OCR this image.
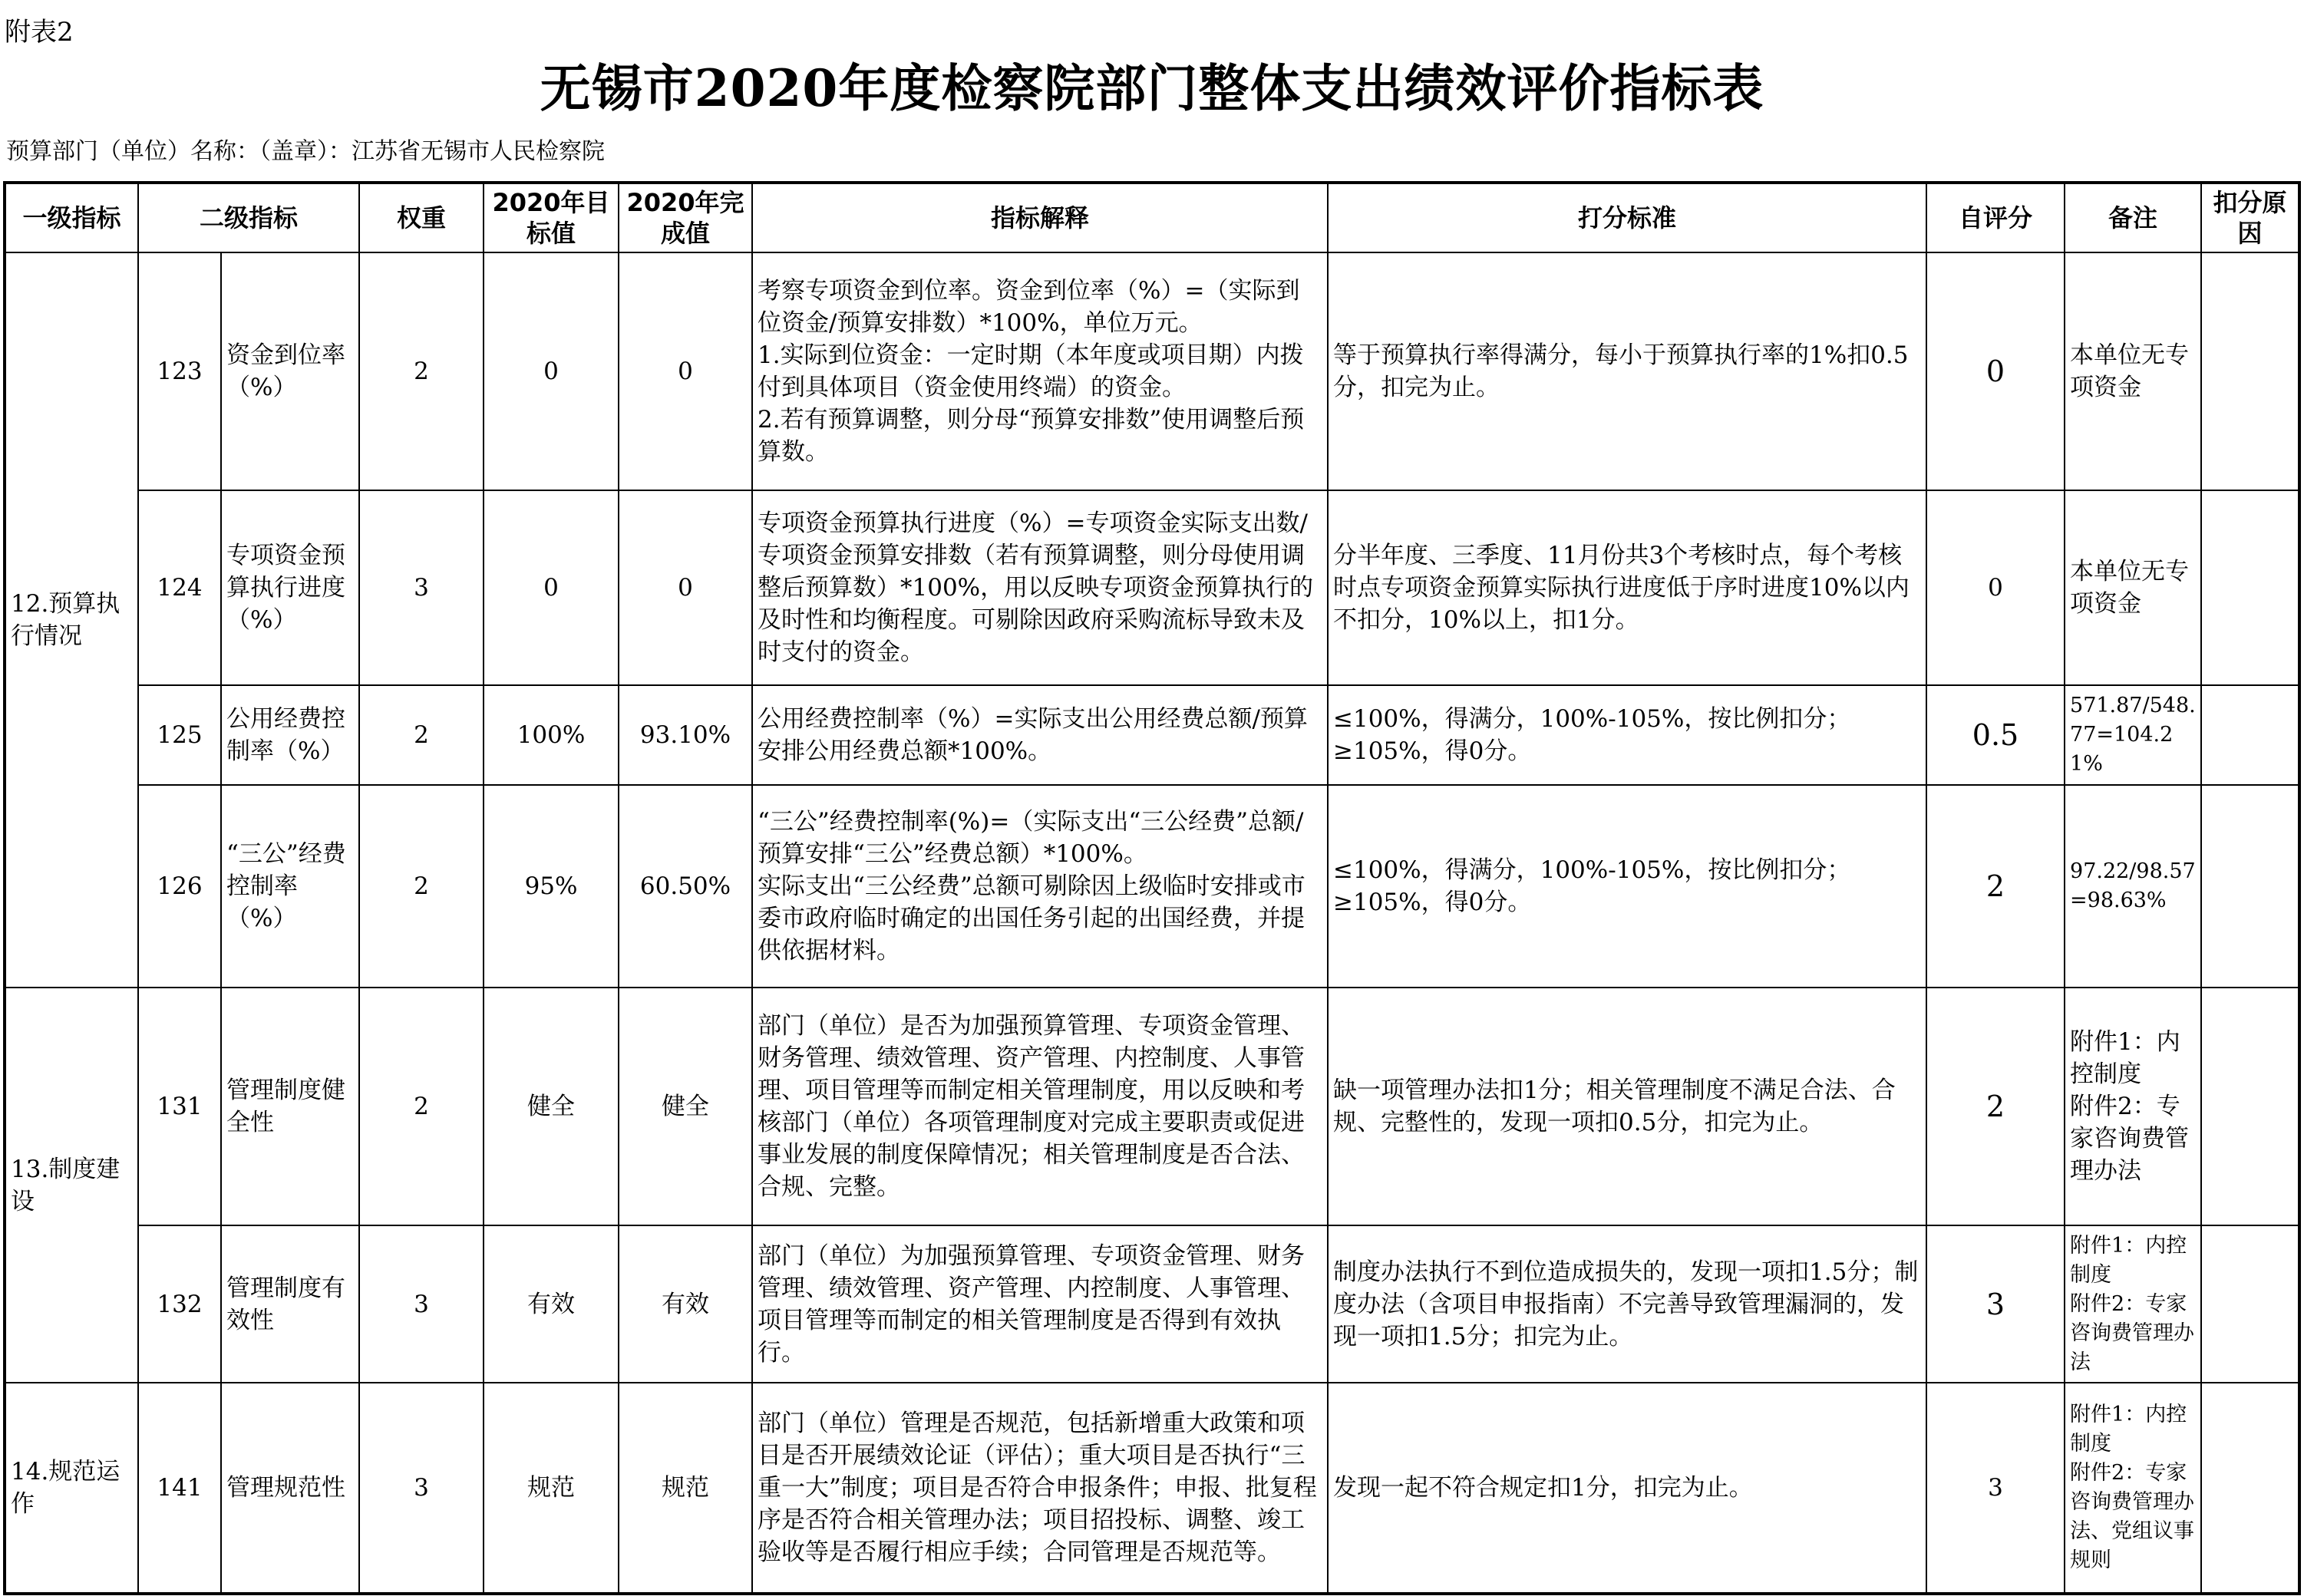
附表2
无锡市2020年度检察院部门整体支出绩效评价指标表
预算部门（单位）名称：（盖章）：江苏省无锡市人民检察院
一级指标	二级指标		权重	2020年目标值	2020年完成值	指标解释	打分标准	自评分	备注	扣分原因
12.预算执行情况	123	资金到位率（%）	2	0	0	考察专项资金到位率。资金到位率（%）=（实际到位资金/预算安排数）*100%，单位万元。
1.实际到位资金：一定时期（本年度或项目期）内拨付到具体项目（资金使用终端）的资金。
2.若有预算调整，则分母“预算安排数”使用调整后预算数。	等于预算执行率得满分，每小于预算执行率的1%扣0.5分，扣完为止。	0	本单位无专项资金	
	124	专项资金预算执行进度（%）	3	0	0	专项资金预算执行进度（%）=专项资金实际支出数/专项资金预算安排数（若有预算调整，则分母使用调整后预算数）*100%，用以反映专项资金预算执行的及时性和均衡程度。可剔除因政府采购流标导致未及时支付的资金。	分半年度、三季度、11月份共3个考核时点，每个考核时点专项资金预算实际执行进度低于序时进度10%以内不扣分，10%以上，扣1分。	0	本单位无专项资金	
	125	公用经费控制率（%）	2	100%	93.10%	公用经费控制率（%）=实际支出公用经费总额/预算安排公用经费总额*100%。	≤100%，得满分，100%-105%，按比例扣分；≥105%，得0分。	0.5	571.87/548.77=104.21%	
	126	“三公”经费控制率（%）	2	95%	60.50%	“三公”经费控制率(%)=（实际支出“三公经费”总额/预算安排“三公”经费总额）*100%。
实际支出“三公经费”总额可剔除因上级临时安排或市委市政府临时确定的出国任务引起的出国经费，并提供依据材料。	≤100%，得满分，100%-105%，按比例扣分；≥105%，得0分。	2	97.22/98.57=98.63%	
13.制度建设	131	管理制度健全性	2	健全	健全	部门（单位）是否为加强预算管理、专项资金管理、财务管理、绩效管理、资产管理、内控制度、人事管理、项目管理等而制定相关管理制度，用以反映和考核部门（单位）各项管理制度对完成主要职责或促进事业发展的制度保障情况；相关管理制度是否合法、合规、完整。	缺一项管理办法扣1分；相关管理制度不满足合法、合规、完整性的，发现一项扣0.5分，扣完为止。	2	附件1：内控制度
附件2：专家咨询费管理办法	
	132	管理制度有效性	3	有效	有效	部门（单位）为加强预算管理、专项资金管理、财务管理、绩效管理、资产管理、内控制度、人事管理、项目管理等而制定的相关管理制度是否得到有效执行。	制度办法执行不到位造成损失的，发现一项扣1.5分；制度办法（含项目申报指南）不完善导致管理漏洞的，发现一项扣1.5分；扣完为止。	3	附件1：内控制度
附件2：专家咨询费管理办法	
14.规范运作	141	管理规范性	3	规范	规范	部门（单位）管理是否规范，包括新增重大政策和项目是否开展绩效论证（评估）；重大项目是否执行“三重一大”制度；项目是否符合申报条件；申报、批复程序是否符合相关管理办法；项目招投标、调整、竣工验收等是否履行相应手续；合同管理是否规范等。	发现一起不符合规定扣1分，扣完为止。	3	附件1：内控制度
附件2：专家咨询费管理办法、党组议事规则	
